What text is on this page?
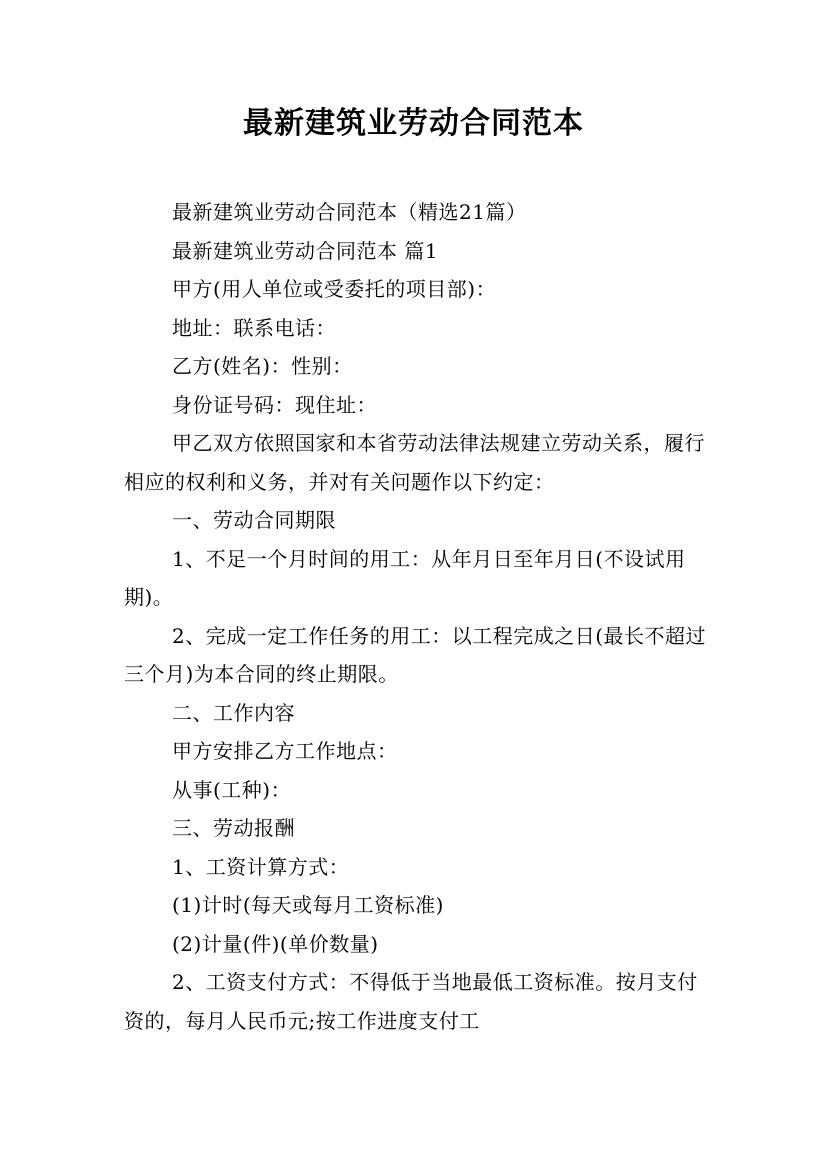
最新建筑业劳动合同范本

最新建筑业劳动合同范本（精选21篇）

最新建筑业劳动合同范本 篇1

甲方(用人单位或受委托的项目部)：

地址：联系电话：

乙方(姓名)：性别：

身份证号码：现住址：

甲乙双方依照国家和本省劳动法律法规建立劳动关系，履行相应的权利和义务，并对有关问题作以下约定：

一、劳动合同期限

1、不足一个月时间的用工：从年月日至年月日(不设试用期)。

2、完成一定工作任务的用工：以工程完成之日(最长不超过三个月)为本合同的终止期限。

二、工作内容

甲方安排乙方工作地点：

从事(工种)：

三、劳动报酬

1、工资计算方式：

(1)计时(每天或每月工资标准)

(2)计量(件)(单价数量)

2、工资支付方式：不得低于当地最低工资标准。按月支付资的，每月人民币元;按工作进度支付工
